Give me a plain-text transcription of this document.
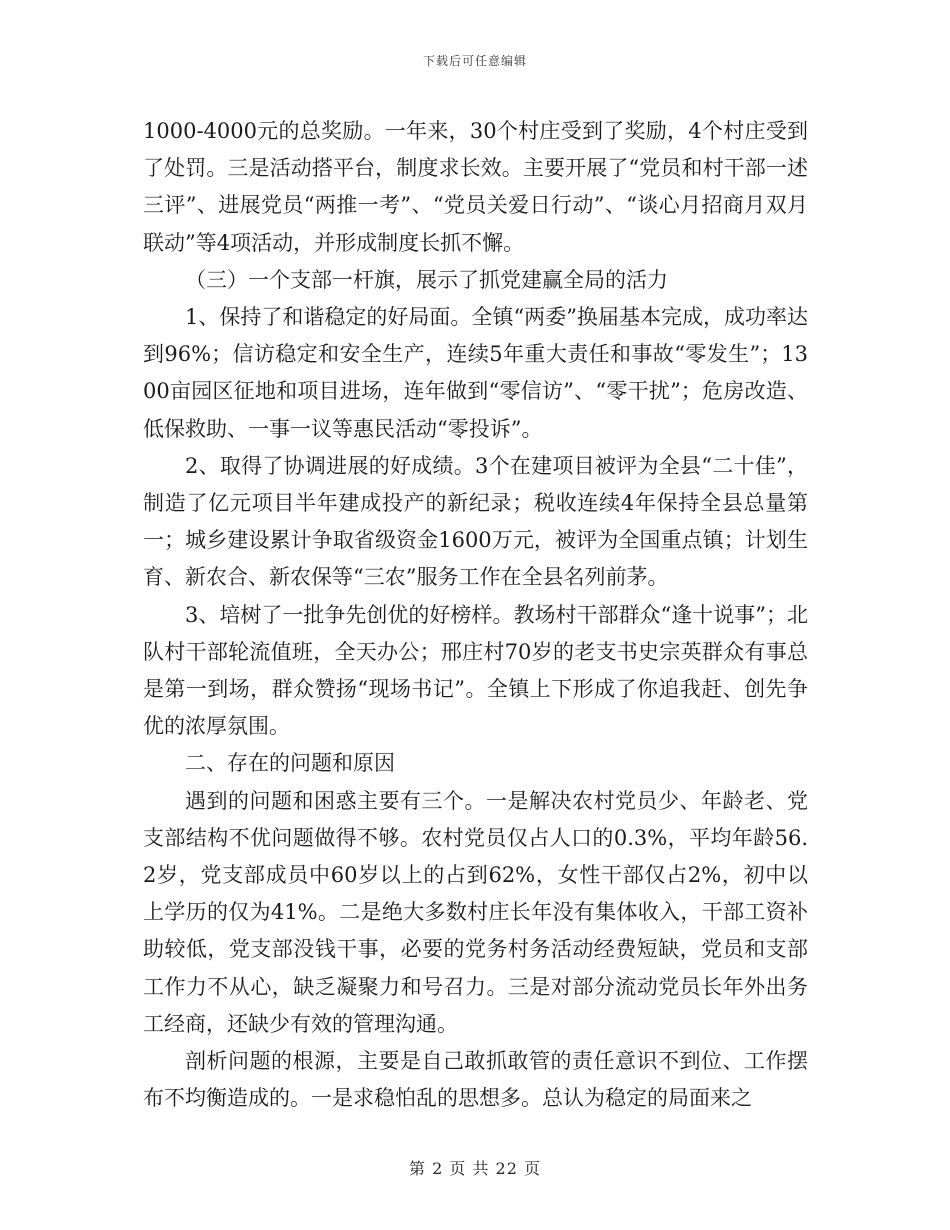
下载后可任意编辑

1000-4000元的总奖励。一年来，30个村庄受到了奖励，4个村庄受到了处罚。三是活动搭平台，制度求长效。主要开展了“党员和村干部一述三评”、进展党员“两推一考”、“党员关爱日行动”、“谈心月招商月双月联动”等4项活动，并形成制度长抓不懈。

（三）一个支部一杆旗，展示了抓党建赢全局的活力

1、保持了和谐稳定的好局面。全镇“两委”换届基本完成，成功率达到96%；信访稳定和安全生产，连续5年重大责任和事故“零发生”；1300亩园区征地和项目进场，连年做到“零信访”、“零干扰”；危房改造、低保救助、一事一议等惠民活动“零投诉”。

2、取得了协调进展的好成绩。3个在建项目被评为全县“二十佳”，制造了亿元项目半年建成投产的新纪录；税收连续4年保持全县总量第一；城乡建设累计争取省级资金1600万元，被评为全国重点镇；计划生育、新农合、新农保等“三农”服务工作在全县名列前茅。

3、培树了一批争先创优的好榜样。教场村干部群众“逢十说事”；北队村干部轮流值班，全天办公；邢庄村70岁的老支书史宗英群众有事总是第一到场，群众赞扬“现场书记”。全镇上下形成了你追我赶、创先争优的浓厚氛围。

二、存在的问题和原因

遇到的问题和困惑主要有三个。一是解决农村党员少、年龄老、党支部结构不优问题做得不够。农村党员仅占人口的0.3%，平均年龄56.2岁，党支部成员中60岁以上的占到62%，女性干部仅占2%，初中以上学历的仅为41%。二是绝大多数村庄长年没有集体收入，干部工资补助较低，党支部没钱干事，必要的党务村务活动经费短缺，党员和支部工作力不从心，缺乏凝聚力和号召力。三是对部分流动党员长年外出务工经商，还缺少有效的管理沟通。

剖析问题的根源，主要是自己敢抓敢管的责任意识不到位、工作摆布不均衡造成的。一是求稳怕乱的思想多。总认为稳定的局面来之

第 2 页 共 22 页
